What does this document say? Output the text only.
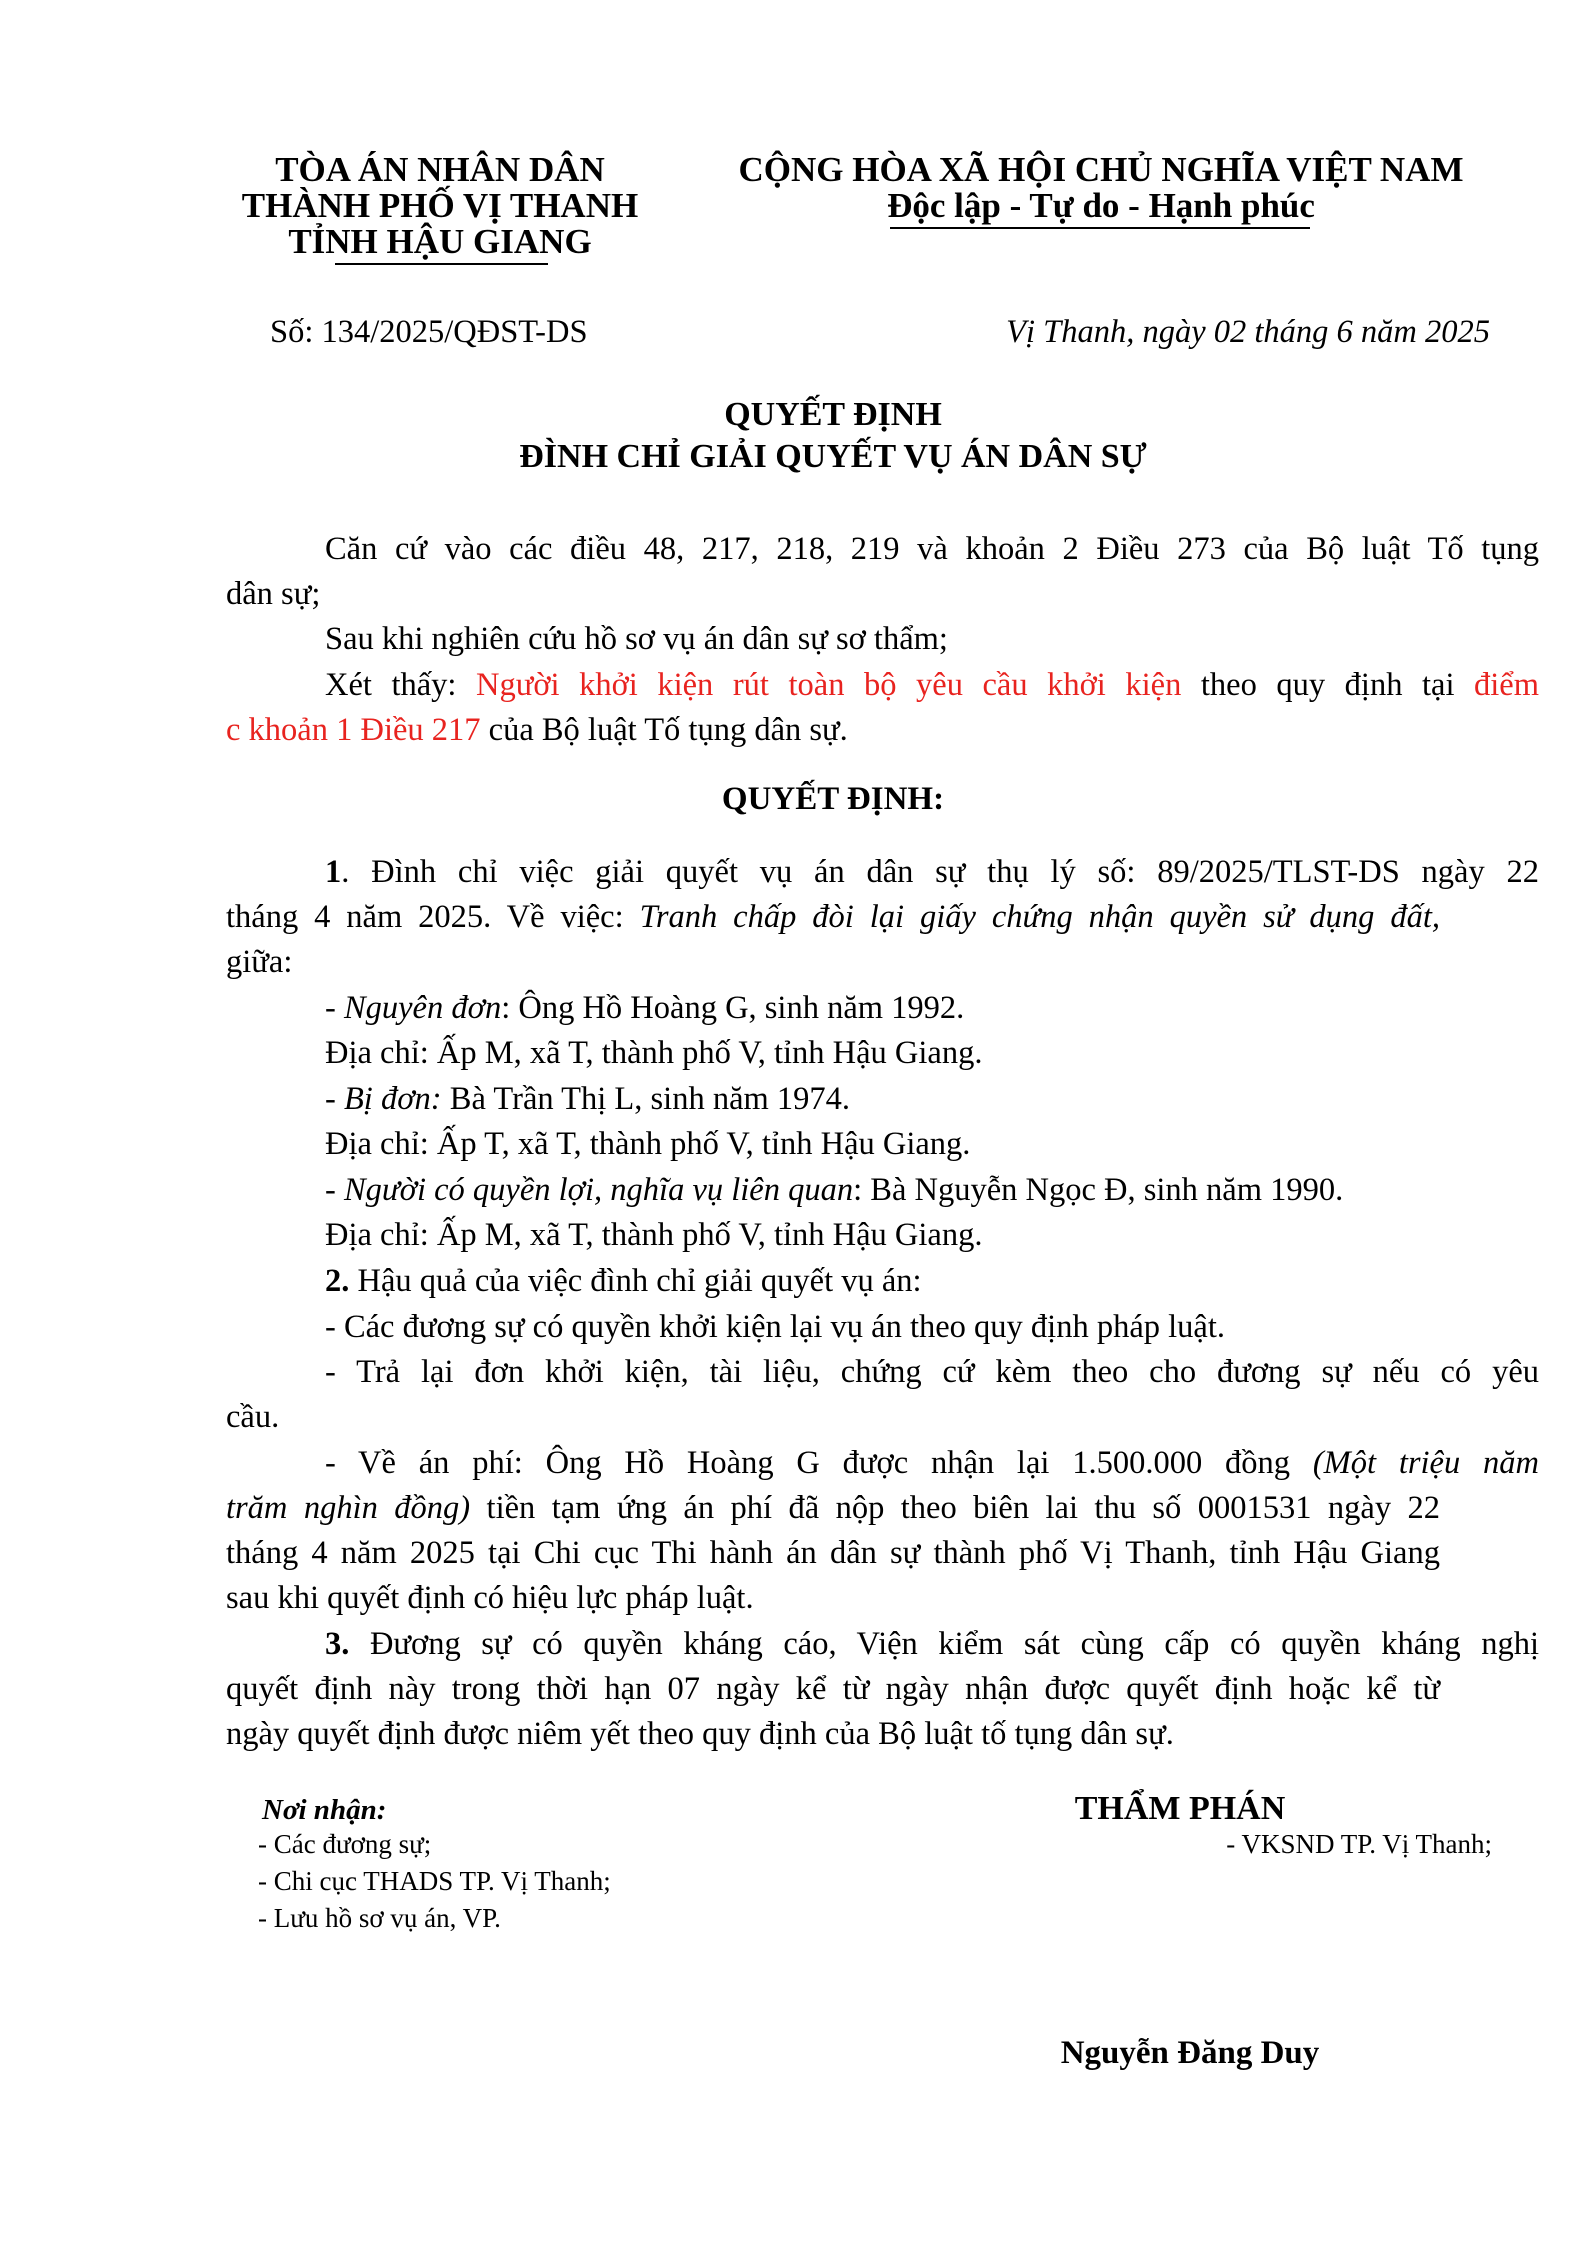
TÒA ÁN NHÂN DÂN
THÀNH PHỐ VỊ THANH
TỈNH HẬU GIANG
CỘNG HÒA XÃ HỘI CHỦ NGHĨA VIỆT NAM
Độc lập - Tự do - Hạnh phúc
Số: 134/2025/QĐST-DS	Vị Thanh, ngày 02 tháng 6 năm 2025
QUYẾT ĐỊNH
ĐÌNH CHỈ GIẢI QUYẾT VỤ ÁN DÂN SỰ
Căn cứ vào các điều 48, 217, 218, 219 và khoản 2 Điều 273 của Bộ luật Tố tụng
dân sự;
Sau khi nghiên cứu hồ sơ vụ án dân sự sơ thẩm;
Xét thấy: Người khởi kiện rút toàn bộ yêu cầu khởi kiện theo quy định tại điểm
c khoản 1 Điều 217 của Bộ luật Tố tụng dân sự.
QUYẾT ĐỊNH:
1. Đình chỉ việc giải quyết vụ án dân sự thụ lý số: 89/2025/TLST-DS ngày 22
tháng 4 năm 2025. Về việc: Tranh chấp đòi lại giấy chứng nhận quyền sử dụng đất,
giữa:
- Nguyên đơn: Ông Hồ Hoàng G, sinh năm 1992.
Địa chỉ: Ấp M, xã T, thành phố V, tỉnh Hậu Giang.
- Bị đơn: Bà Trần Thị L, sinh năm 1974.
Địa chỉ: Ấp T, xã T, thành phố V, tỉnh Hậu Giang.
- Người có quyền lợi, nghĩa vụ liên quan: Bà Nguyễn Ngọc Đ, sinh năm 1990.
Địa chỉ: Ấp M, xã T, thành phố V, tỉnh Hậu Giang.
2. Hậu quả của việc đình chỉ giải quyết vụ án:
- Các đương sự có quyền khởi kiện lại vụ án theo quy định pháp luật.
- Trả lại đơn khởi kiện, tài liệu, chứng cứ kèm theo cho đương sự nếu có yêu
cầu.
- Về án phí: Ông Hồ Hoàng G được nhận lại 1.500.000 đồng (Một triệu năm
trăm nghìn đồng) tiền tạm ứng án phí đã nộp theo biên lai thu số 0001531 ngày 22
tháng 4 năm 2025 tại Chi cục Thi hành án dân sự thành phố Vị Thanh, tỉnh Hậu Giang
sau khi quyết định có hiệu lực pháp luật.
3. Đương sự có quyền kháng cáo, Viện kiểm sát cùng cấp có quyền kháng nghị
quyết định này trong thời hạn 07 ngày kể từ ngày nhận được quyết định hoặc kể từ
ngày quyết định được niêm yết theo quy định của Bộ luật tố tụng dân sự.
Nơi nhận:
- Các đương sự;
- Chi cục THADS TP. Vị Thanh;
- Lưu hồ sơ vụ án, VP.
- VKSND TP. Vị Thanh;
THẨM PHÁN
Nguyễn Đăng Duy
